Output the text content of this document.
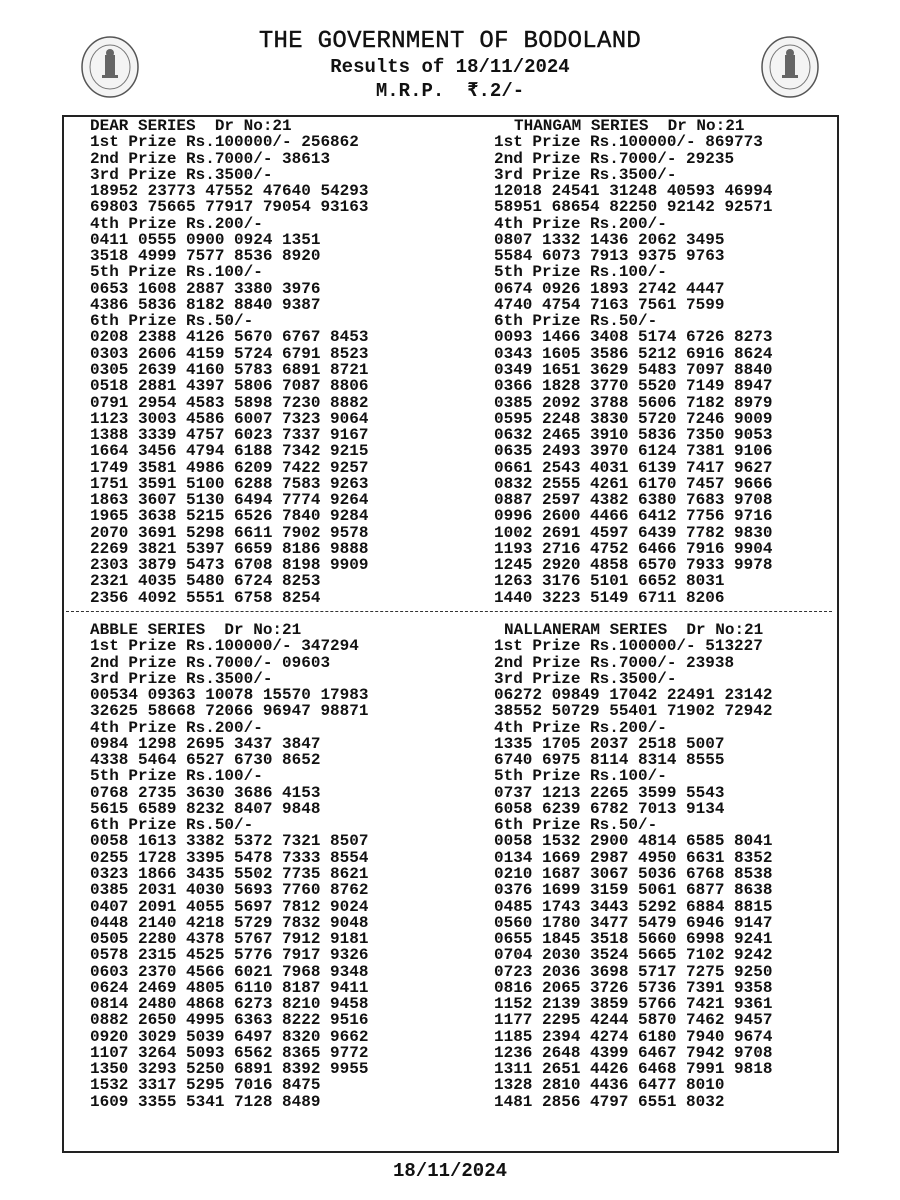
THE GOVERNMENT OF BODOLAND
Results of 18/11/2024
M.R.P.  ₹.2/-
DEAR SERIES  Dr No:21
1st Prize Rs.100000/- 256862
2nd Prize Rs.7000/- 38613
3rd Prize Rs.3500/-
18952 23773 47552 47640 54293
69803 75665 77917 79054 93163
4th Prize Rs.200/-
0411 0555 0900 0924 1351
3518 4999 7577 8536 8920
5th Prize Rs.100/-
0653 1608 2887 3380 3976
4386 5836 8182 8840 9387
6th Prize Rs.50/-
0208 2388 4126 5670 6767 8453
0303 2606 4159 5724 6791 8523
0305 2639 4160 5783 6891 8721
0518 2881 4397 5806 7087 8806
0791 2954 4583 5898 7230 8882
1123 3003 4586 6007 7323 9064
1388 3339 4757 6023 7337 9167
1664 3456 4794 6188 7342 9215
1749 3581 4986 6209 7422 9257
1751 3591 5100 6288 7583 9263
1863 3607 5130 6494 7774 9264
1965 3638 5215 6526 7840 9284
2070 3691 5298 6611 7902 9578
2269 3821 5397 6659 8186 9888
2303 3879 5473 6708 8198 9909
2321 4035 5480 6724 8253
2356 4092 5551 6758 8254
THANGAM SERIES  Dr No:21
1st Prize Rs.100000/- 869773
2nd Prize Rs.7000/- 29235
3rd Prize Rs.3500/-
12018 24541 31248 40593 46994
58951 68654 82250 92142 92571
4th Prize Rs.200/-
0807 1332 1436 2062 3495
5584 6073 7913 9375 9763
5th Prize Rs.100/-
0674 0926 1893 2742 4447
4740 4754 7163 7561 7599
6th Prize Rs.50/-
0093 1466 3408 5174 6726 8273
0343 1605 3586 5212 6916 8624
0349 1651 3629 5483 7097 8840
0366 1828 3770 5520 7149 8947
0385 2092 3788 5606 7182 8979
0595 2248 3830 5720 7246 9009
0632 2465 3910 5836 7350 9053
0635 2493 3970 6124 7381 9106
0661 2543 4031 6139 7417 9627
0832 2555 4261 6170 7457 9666
0887 2597 4382 6380 7683 9708
0996 2600 4466 6412 7756 9716
1002 2691 4597 6439 7782 9830
1193 2716 4752 6466 7916 9904
1245 2920 4858 6570 7933 9978
1263 3176 5101 6652 8031
1440 3223 5149 6711 8206
ABBLE SERIES  Dr No:21
1st Prize Rs.100000/- 347294
2nd Prize Rs.7000/- 09603
3rd Prize Rs.3500/-
00534 09363 10078 15570 17983
32625 58668 72066 96947 98871
4th Prize Rs.200/-
0984 1298 2695 3437 3847
4338 5464 6527 6730 8652
5th Prize Rs.100/-
0768 2735 3630 3686 4153
5615 6589 8232 8407 9848
6th Prize Rs.50/-
0058 1613 3382 5372 7321 8507
0255 1728 3395 5478 7333 8554
0323 1866 3435 5502 7735 8621
0385 2031 4030 5693 7760 8762
0407 2091 4055 5697 7812 9024
0448 2140 4218 5729 7832 9048
0505 2280 4378 5767 7912 9181
0578 2315 4525 5776 7917 9326
0603 2370 4566 6021 7968 9348
0624 2469 4805 6110 8187 9411
0814 2480 4868 6273 8210 9458
0882 2650 4995 6363 8222 9516
0920 3029 5039 6497 8320 9662
1107 3264 5093 6562 8365 9772
1350 3293 5250 6891 8392 9955
1532 3317 5295 7016 8475
1609 3355 5341 7128 8489
NALLANERAM SERIES  Dr No:21
1st Prize Rs.100000/- 513227
2nd Prize Rs.7000/- 23938
3rd Prize Rs.3500/-
06272 09849 17042 22491 23142
38552 50729 55401 71902 72942
4th Prize Rs.200/-
1335 1705 2037 2518 5007
6740 6975 8114 8314 8555
5th Prize Rs.100/-
0737 1213 2265 3599 5543
6058 6239 6782 7013 9134
6th Prize Rs.50/-
0058 1532 2900 4814 6585 8041
0134 1669 2987 4950 6631 8352
0210 1687 3067 5036 6768 8538
0376 1699 3159 5061 6877 8638
0485 1743 3443 5292 6884 8815
0560 1780 3477 5479 6946 9147
0655 1845 3518 5660 6998 9241
0704 2030 3524 5665 7102 9242
0723 2036 3698 5717 7275 9250
0816 2065 3726 5736 7391 9358
1152 2139 3859 5766 7421 9361
1177 2295 4244 5870 7462 9457
1185 2394 4274 6180 7940 9674
1236 2648 4399 6467 7942 9708
1311 2651 4426 6468 7991 9818
1328 2810 4436 6477 8010
1481 2856 4797 6551 8032
18/11/2024
